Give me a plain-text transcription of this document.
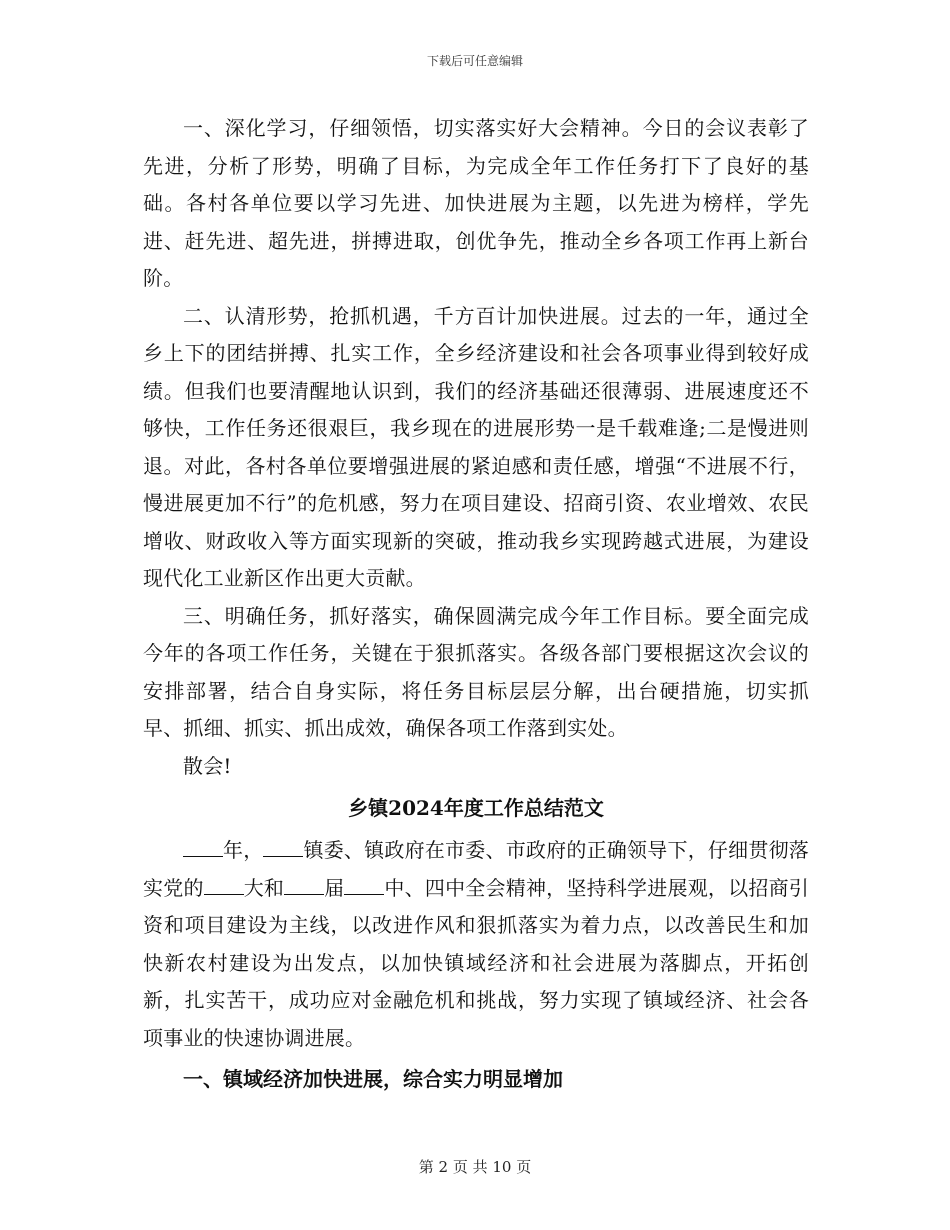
下载后可任意编辑

一、深化学习，仔细领悟，切实落实好大会精神。今日的会议表彰了先进，分析了形势，明确了目标，为完成全年工作任务打下了良好的基础。各村各单位要以学习先进、加快进展为主题，以先进为榜样，学先进、赶先进、超先进，拼搏进取，创优争先，推动全乡各项工作再上新台阶。

二、认清形势，抢抓机遇，千方百计加快进展。过去的一年，通过全乡上下的团结拼搏、扎实工作，全乡经济建设和社会各项事业得到较好成绩。但我们也要清醒地认识到，我们的经济基础还很薄弱、进展速度还不够快，工作任务还很艰巨，我乡现在的进展形势一是千载难逢;二是慢进则退。对此，各村各单位要增强进展的紧迫感和责任感，增强“不进展不行，慢进展更加不行”的危机感，努力在项目建设、招商引资、农业增效、农民增收、财政收入等方面实现新的突破，推动我乡实现跨越式进展，为建设现代化工业新区作出更大贡献。

三、明确任务，抓好落实，确保圆满完成今年工作目标。要全面完成今年的各项工作任务，关键在于狠抓落实。各级各部门要根据这次会议的安排部署，结合自身实际，将任务目标层层分解，出台硬措施，切实抓早、抓细、抓实、抓出成效，确保各项工作落到实处。

散会!

乡镇2024年度工作总结范文

年， 镇委、镇政府在市委、市政府的正确领导下，仔细贯彻落实党的 大和 届 中、四中全会精神，坚持科学进展观，以招商引资和项目建设为主线，以改进作风和狠抓落实为着力点，以改善民生和加快新农村建设为出发点，以加快镇域经济和社会进展为落脚点，开拓创新，扎实苦干，成功应对金融危机和挑战，努力实现了镇域经济、社会各项事业的快速协调进展。

一、镇域经济加快进展，综合实力明显增加
第 2 页 共 10 页
